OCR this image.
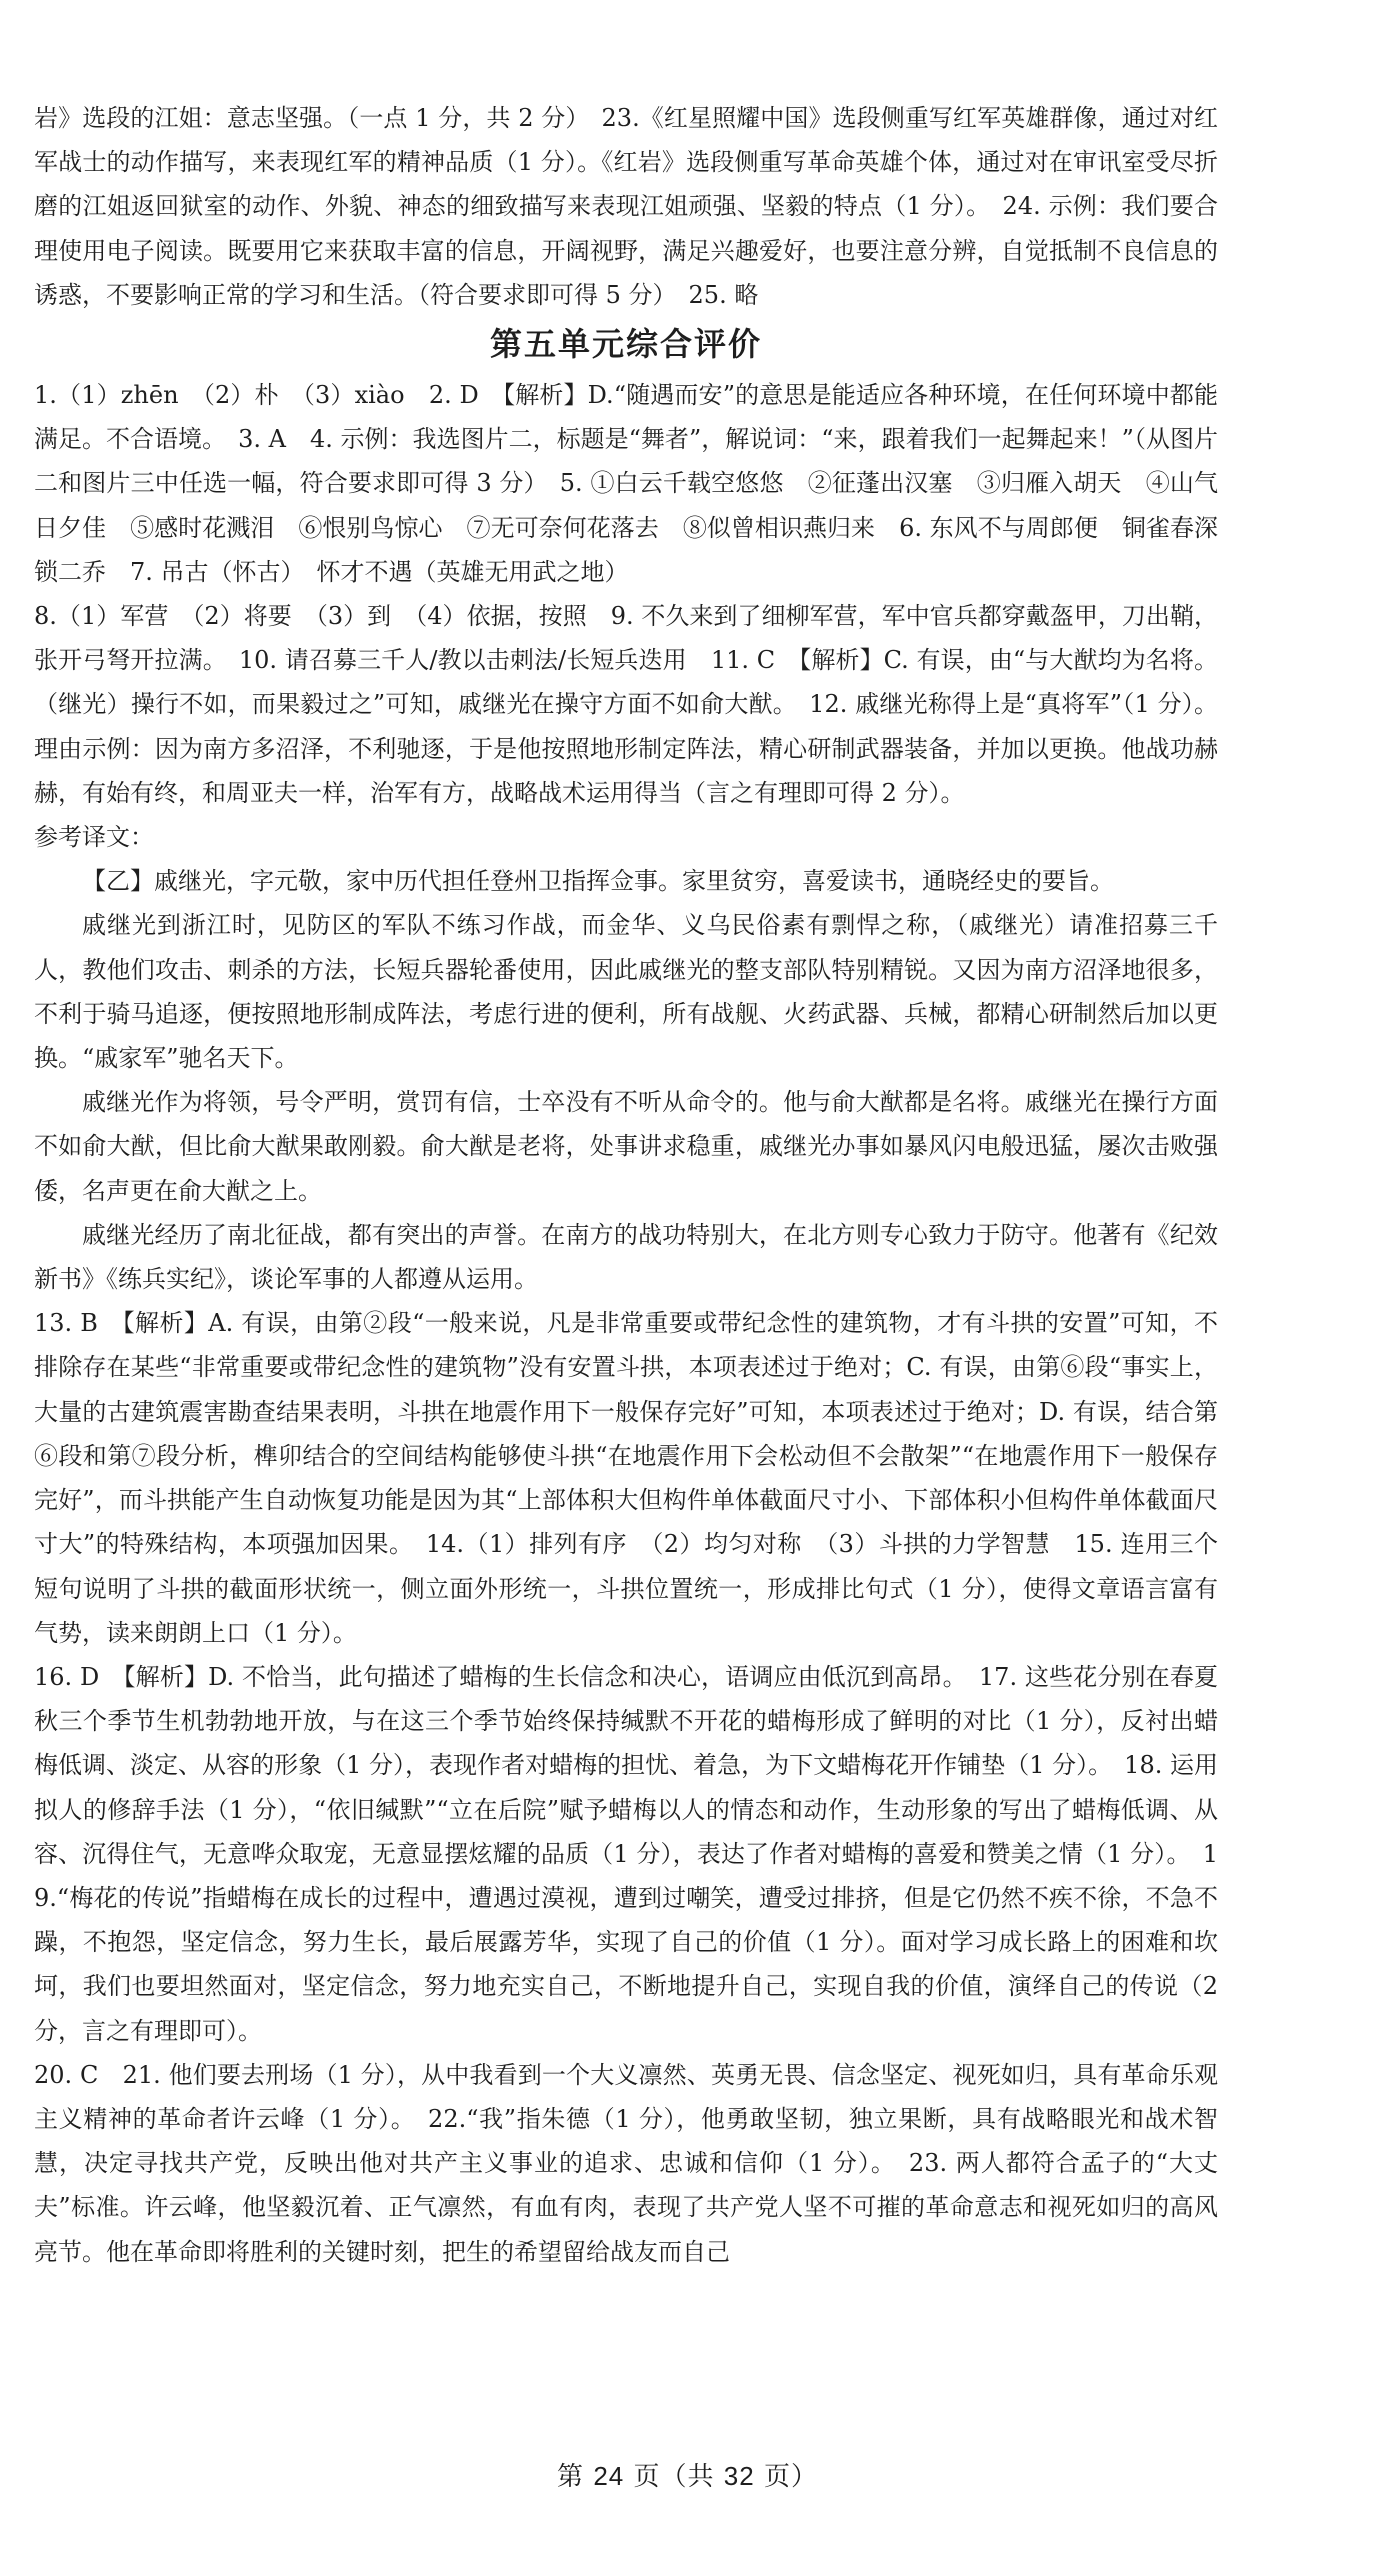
岩》选段的江姐：意志坚强。（一点 1 分，共 2 分）　23.《红星照耀中国》选段侧重写红军英雄群像，通过对红军战士的动作描写，来表现红军的精神品质（1 分）。《红岩》选段侧重写革命英雄个体，通过对在审讯室受尽折磨的江姐返回狱室的动作、外貌、神态的细致描写来表现江姐顽强、坚毅的特点（1 分）。　24. 示例：我们要合理使用电子阅读。既要用它来获取丰富的信息，开阔视野，满足兴趣爱好，也要注意分辨，自觉抵制不良信息的诱惑，不要影响正常的学习和生活。（符合要求即可得 5 分）　25. 略

第五单元综合评价

1.（1）zhēn　（2）朴　（3）xiào　2. D　【解析】D.“随遇而安”的意思是能适应各种环境，在任何环境中都能满足。不合语境。　3. A　4. 示例：我选图片二，标题是“舞者”，解说词：“来，跟着我们一起舞起来！”（从图片二和图片三中任选一幅，符合要求即可得 3 分）　5. ①白云千载空悠悠　②征蓬出汉塞　③归雁入胡天　④山气日夕佳　⑤感时花溅泪　⑥恨别鸟惊心　⑦无可奈何花落去　⑧似曾相识燕归来　6. 东风不与周郎便　铜雀春深锁二乔　7. 吊古（怀古）　怀才不遇（英雄无用武之地）

8.（1）军营　（2）将要　（3）到　（4）依据，按照　9. 不久来到了细柳军营，军中官兵都穿戴盔甲，刀出鞘，张开弓弩开拉满。　10. 请召募三千人/教以击刺法/长短兵迭用　11. C　【解析】C. 有误，由“与大猷均为名将。（继光）操行不如，而果毅过之”可知，戚继光在操守方面不如俞大猷。　12. 戚继光称得上是“真将军”（1 分）。理由示例：因为南方多沼泽，不利驰逐，于是他按照地形制定阵法，精心研制武器装备，并加以更换。他战功赫赫，有始有终，和周亚夫一样，治军有方，战略战术运用得当（言之有理即可得 2 分）。

参考译文：

【乙】戚继光，字元敬，家中历代担任登州卫指挥佥事。家里贫穷，喜爱读书，通晓经史的要旨。

戚继光到浙江时，见防区的军队不练习作战，而金华、义乌民俗素有剽悍之称，（戚继光）请准招募三千人，教他们攻击、刺杀的方法，长短兵器轮番使用，因此戚继光的整支部队特别精锐。又因为南方沼泽地很多，不利于骑马追逐，便按照地形制成阵法，考虑行进的便利，所有战舰、火药武器、兵械，都精心研制然后加以更换。“戚家军”驰名天下。

戚继光作为将领，号令严明，赏罚有信，士卒没有不听从命令的。他与俞大猷都是名将。戚继光在操行方面不如俞大猷，但比俞大猷果敢刚毅。俞大猷是老将，处事讲求稳重，戚继光办事如暴风闪电般迅猛，屡次击败强倭，名声更在俞大猷之上。

戚继光经历了南北征战，都有突出的声誉。在南方的战功特别大，在北方则专心致力于防守。他著有《纪效新书》《练兵实纪》，谈论军事的人都遵从运用。

13. B　【解析】A. 有误，由第②段“一般来说，凡是非常重要或带纪念性的建筑物，才有斗拱的安置”可知，不排除存在某些“非常重要或带纪念性的建筑物”没有安置斗拱，本项表述过于绝对；C. 有误，由第⑥段“事实上，大量的古建筑震害勘查结果表明，斗拱在地震作用下一般保存完好”可知，本项表述过于绝对；D. 有误，结合第⑥段和第⑦段分析，榫卯结合的空间结构能够使斗拱“在地震作用下会松动但不会散架”“在地震作用下一般保存完好”，而斗拱能产生自动恢复功能是因为其“上部体积大但构件单体截面尺寸小、下部体积小但构件单体截面尺寸大”的特殊结构，本项强加因果。　14.（1）排列有序　（2）均匀对称　（3）斗拱的力学智慧　15. 连用三个短句说明了斗拱的截面形状统一，侧立面外形统一，斗拱位置统一，形成排比句式（1 分），使得文章语言富有气势，读来朗朗上口（1 分）。

16. D　【解析】D. 不恰当，此句描述了蜡梅的生长信念和决心，语调应由低沉到高昂。　17. 这些花分别在春夏秋三个季节生机勃勃地开放，与在这三个季节始终保持缄默不开花的蜡梅形成了鲜明的对比（1 分），反衬出蜡梅低调、淡定、从容的形象（1 分），表现作者对蜡梅的担忧、着急，为下文蜡梅花开作铺垫（1 分）。　18. 运用拟人的修辞手法（1 分），“依旧缄默”“立在后院”赋予蜡梅以人的情态和动作，生动形象的写出了蜡梅低调、从容、沉得住气，无意哗众取宠，无意显摆炫耀的品质（1 分），表达了作者对蜡梅的喜爱和赞美之情（1 分）。　19.“梅花的传说”指蜡梅在成长的过程中，遭遇过漠视，遭到过嘲笑，遭受过排挤，但是它仍然不疾不徐，不急不躁，不抱怨，坚定信念，努力生长，最后展露芳华，实现了自己的价值（1 分）。面对学习成长路上的困难和坎坷，我们也要坦然面对，坚定信念，努力地充实自己，不断地提升自己，实现自我的价值，演绎自己的传说（2 分，言之有理即可）。

20. C　21. 他们要去刑场（1 分），从中我看到一个大义凛然、英勇无畏、信念坚定、视死如归，具有革命乐观主义精神的革命者许云峰（1 分）。　22.“我”指朱德（1 分），他勇敢坚韧，独立果断，具有战略眼光和战术智慧，决定寻找共产党，反映出他对共产主义事业的追求、忠诚和信仰（1 分）。　23. 两人都符合孟子的“大丈夫”标准。许云峰，他坚毅沉着、正气凛然，有血有肉，表现了共产党人坚不可摧的革命意志和视死如归的高风亮节。他在革命即将胜利的关键时刻，把生的希望留给战友而自己

第 24 页（共 32 页）
